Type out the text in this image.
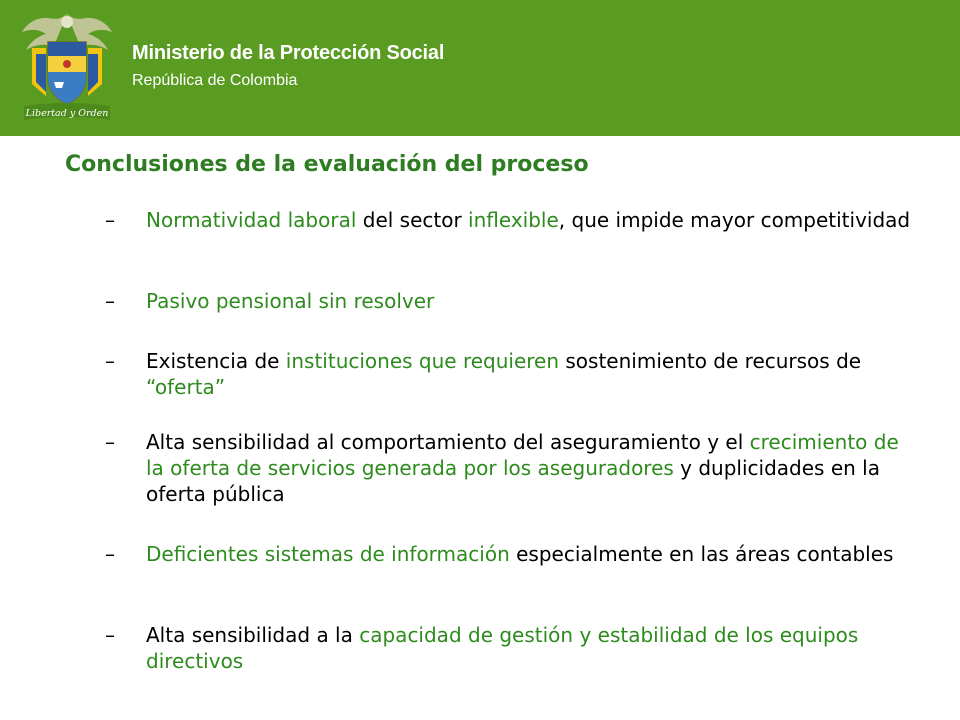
Libertad y Orden
Ministerio de la Protección Social
República de Colombia
Conclusiones de la evaluación del proceso
– Normatividad laboral del sector inflexible, que impide mayor competitividad
– Pasivo pensional sin resolver
– Existencia de instituciones que requieren sostenimiento de recursos de “oferta”
– Alta sensibilidad al comportamiento del aseguramiento y el crecimiento de la oferta de servicios generada por los aseguradores y duplicidades en la oferta pública
– Deficientes sistemas de información especialmente en las áreas contables
– Alta sensibilidad a la capacidad de gestión y estabilidad de los equipos directivos
